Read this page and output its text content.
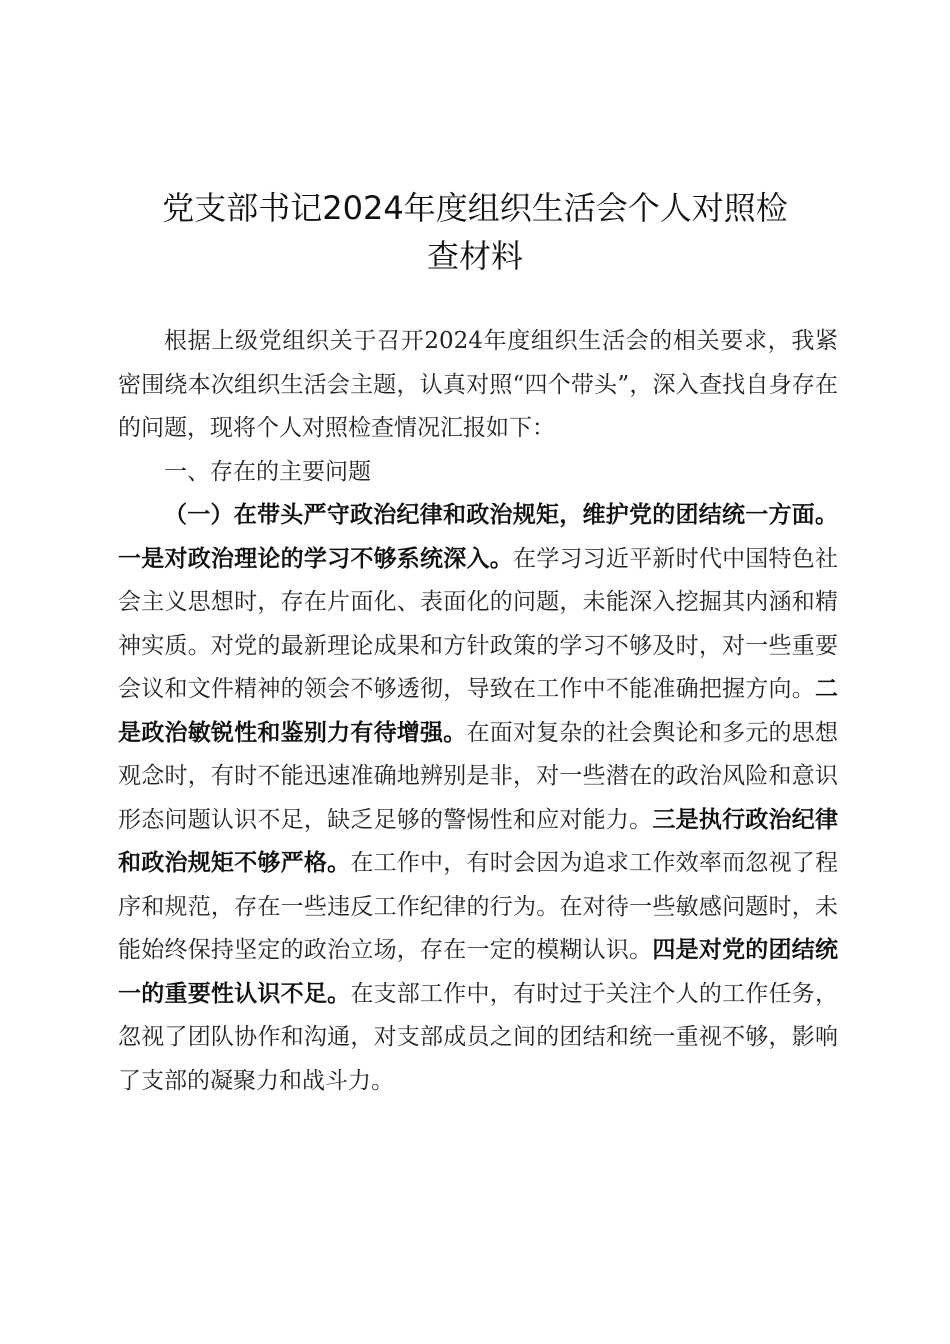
党支部书记2024年度组织生活会个人对照检
查材料

根据上级党组织关于召开2024年度组织生活会的相关要求，我紧密围绕本次组织生活会主题，认真对照“四个带头”，深入查找自身存在的问题，现将个人对照检查情况汇报如下：

一、存在的主要问题

（一）在带头严守政治纪律和政治规矩，维护党的团结统一方面。一是对政治理论的学习不够系统深入。在学习习近平新时代中国特色社会主义思想时，存在片面化、表面化的问题，未能深入挖掘其内涵和精神实质。对党的最新理论成果和方针政策的学习不够及时，对一些重要会议和文件精神的领会不够透彻，导致在工作中不能准确把握方向。二是政治敏锐性和鉴别力有待增强。在面对复杂的社会舆论和多元的思想观念时，有时不能迅速准确地辨别是非，对一些潜在的政治风险和意识形态问题认识不足，缺乏足够的警惕性和应对能力。三是执行政治纪律和政治规矩不够严格。在工作中，有时会因为追求工作效率而忽视了程序和规范，存在一些违反工作纪律的行为。在对待一些敏感问题时，未能始终保持坚定的政治立场，存在一定的模糊认识。四是对党的团结统一的重要性认识不足。在支部工作中，有时过于关注个人的工作任务，忽视了团队协作和沟通，对支部成员之间的团结和统一重视不够，影响了支部的凝聚力和战斗力。
